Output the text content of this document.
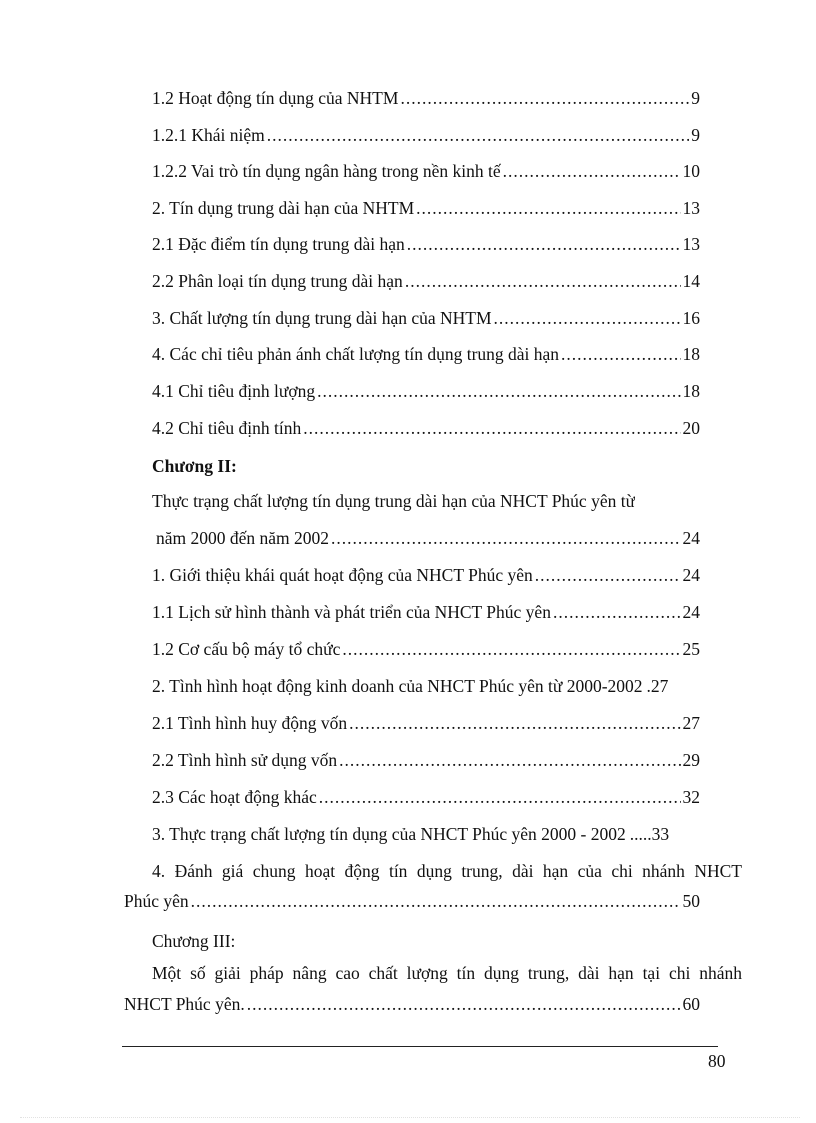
1.2 Hoạt động tín dụng của NHTM .....	9
1.2.1 Khái niệm .....	9
1.2.2 Vai trò tín dụng ngân hàng trong nền kinh tế .....	10
2. Tín dụng trung dài hạn của NHTM .....	13
2.1 Đặc điểm tín dụng trung dài hạn .....	13
2.2 Phân loại tín dụng trung dài hạn .....	14
3. Chất lượng tín dụng trung dài hạn của NHTM .....	16
4. Các chỉ tiêu phản ánh chất lượng tín dụng trung dài hạn .....	18
4.1 Chỉ tiêu định lượng .....	18
4.2 Chỉ tiêu định tính .....	20
Chương II:
Thực trạng chất lượng tín dụng trung dài hạn của NHCT Phúc yên từ
năm 2000 đến năm 2002 .....	24
1. Giới thiệu khái quát hoạt động của NHCT Phúc yên .....	24
1.1 Lịch sử hình thành và phát triển của NHCT Phúc yên .....	24
1.2 Cơ cấu bộ máy tổ chức .....	25
2. Tình hình hoạt động kinh doanh của NHCT Phúc yên từ 2000-2002 .27
2.1 Tình hình huy động vốn .....	27
2.2 Tình hình sử dụng vốn .....	29
2.3 Các hoạt động khác .....	32
3. Thực trạng chất lượng tín dụng của NHCT Phúc yên 2000 - 2002 .....33
4. Đánh giá chung hoạt động tín dụng trung, dài hạn của chi nhánh NHCT
Phúc yên .....	50
Chương III:
Một số giải pháp nâng cao chất lượng tín dụng trung, dài hạn tại chi nhánh
NHCT Phúc yên. .....	60
80
